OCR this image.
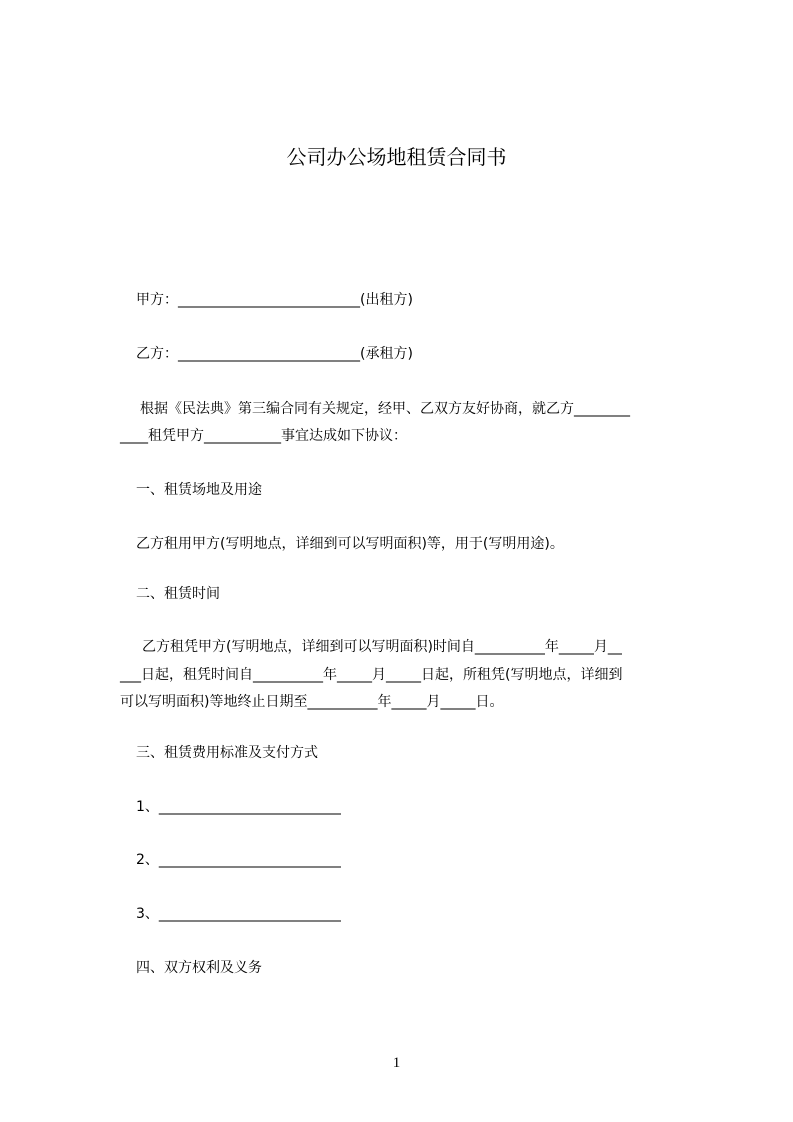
公司办公场地租赁合同书
甲方：__________________________(出租方)
乙方：__________________________(承租方)
根据《民法典》第三编合同有关规定，经甲、乙双方友好协商，就乙方________
____租凭甲方___________事宜达成如下协议：
一、租赁场地及用途
乙方租用甲方(写明地点，详细到可以写明面积)等，用于(写明用途)。
二、租赁时间
乙方租凭甲方(写明地点，详细到可以写明面积)时间自__________年_____月__
___日起，租凭时间自__________年_____月_____日起，所租凭(写明地点，详细到
可以写明面积)等地终止日期至__________年_____月_____日。
三、租赁费用标准及支付方式
1、__________________________
2、__________________________
3、__________________________
四、双方权利及义务
1
